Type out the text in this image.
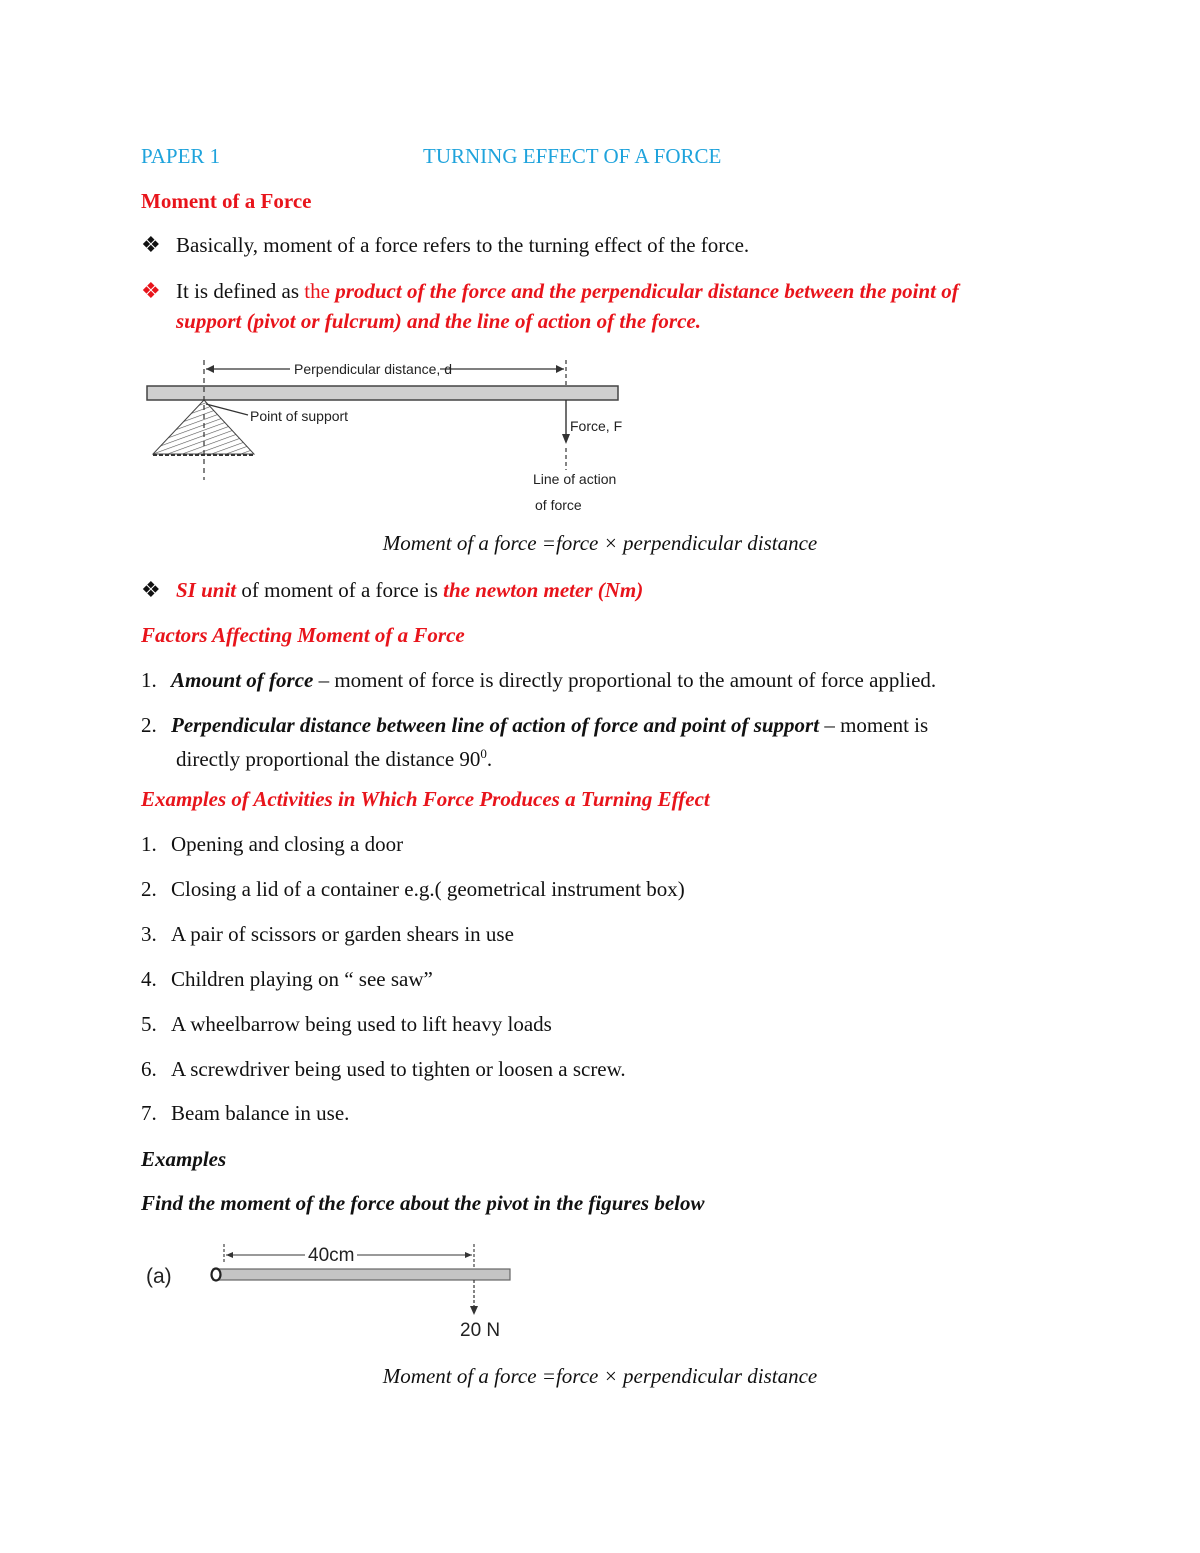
PAPER 1	TURNING EFFECT OF A FORCE
Moment of a Force
❖ Basically, moment of a force refers to the turning effect of the force.
❖ It is defined as the product of the force and the perpendicular distance between the point of
support (pivot or fulcrum) and the line of action of the force.
Perpendicular distance, d
Point of support
Force, F
Line of action
of force
Moment of a force =force × perpendicular distance
❖ SI unit of moment of a force is the newton meter (Nm)
Factors Affecting Moment of a Force
1. Amount of force – moment of force is directly proportional to the amount of force applied.
2. Perpendicular distance between line of action of force and point of support – moment is
directly proportional the distance $90^0$.
Examples of Activities in Which Force Produces a Turning Effect
1. Opening and closing a door
2. Closing a lid of a container e.g.( geometrical instrument box)
3. A pair of scissors or garden shears in use
4. Children playing on “ see saw”
5. A wheelbarrow being used to lift heavy loads
6. A screwdriver being used to tighten or loosen a screw.
7. Beam balance in use.
Examples
Find the moment of the force about the pivot in the figures below
(a)
40cm
20 N
Moment of a force =force × perpendicular distance
